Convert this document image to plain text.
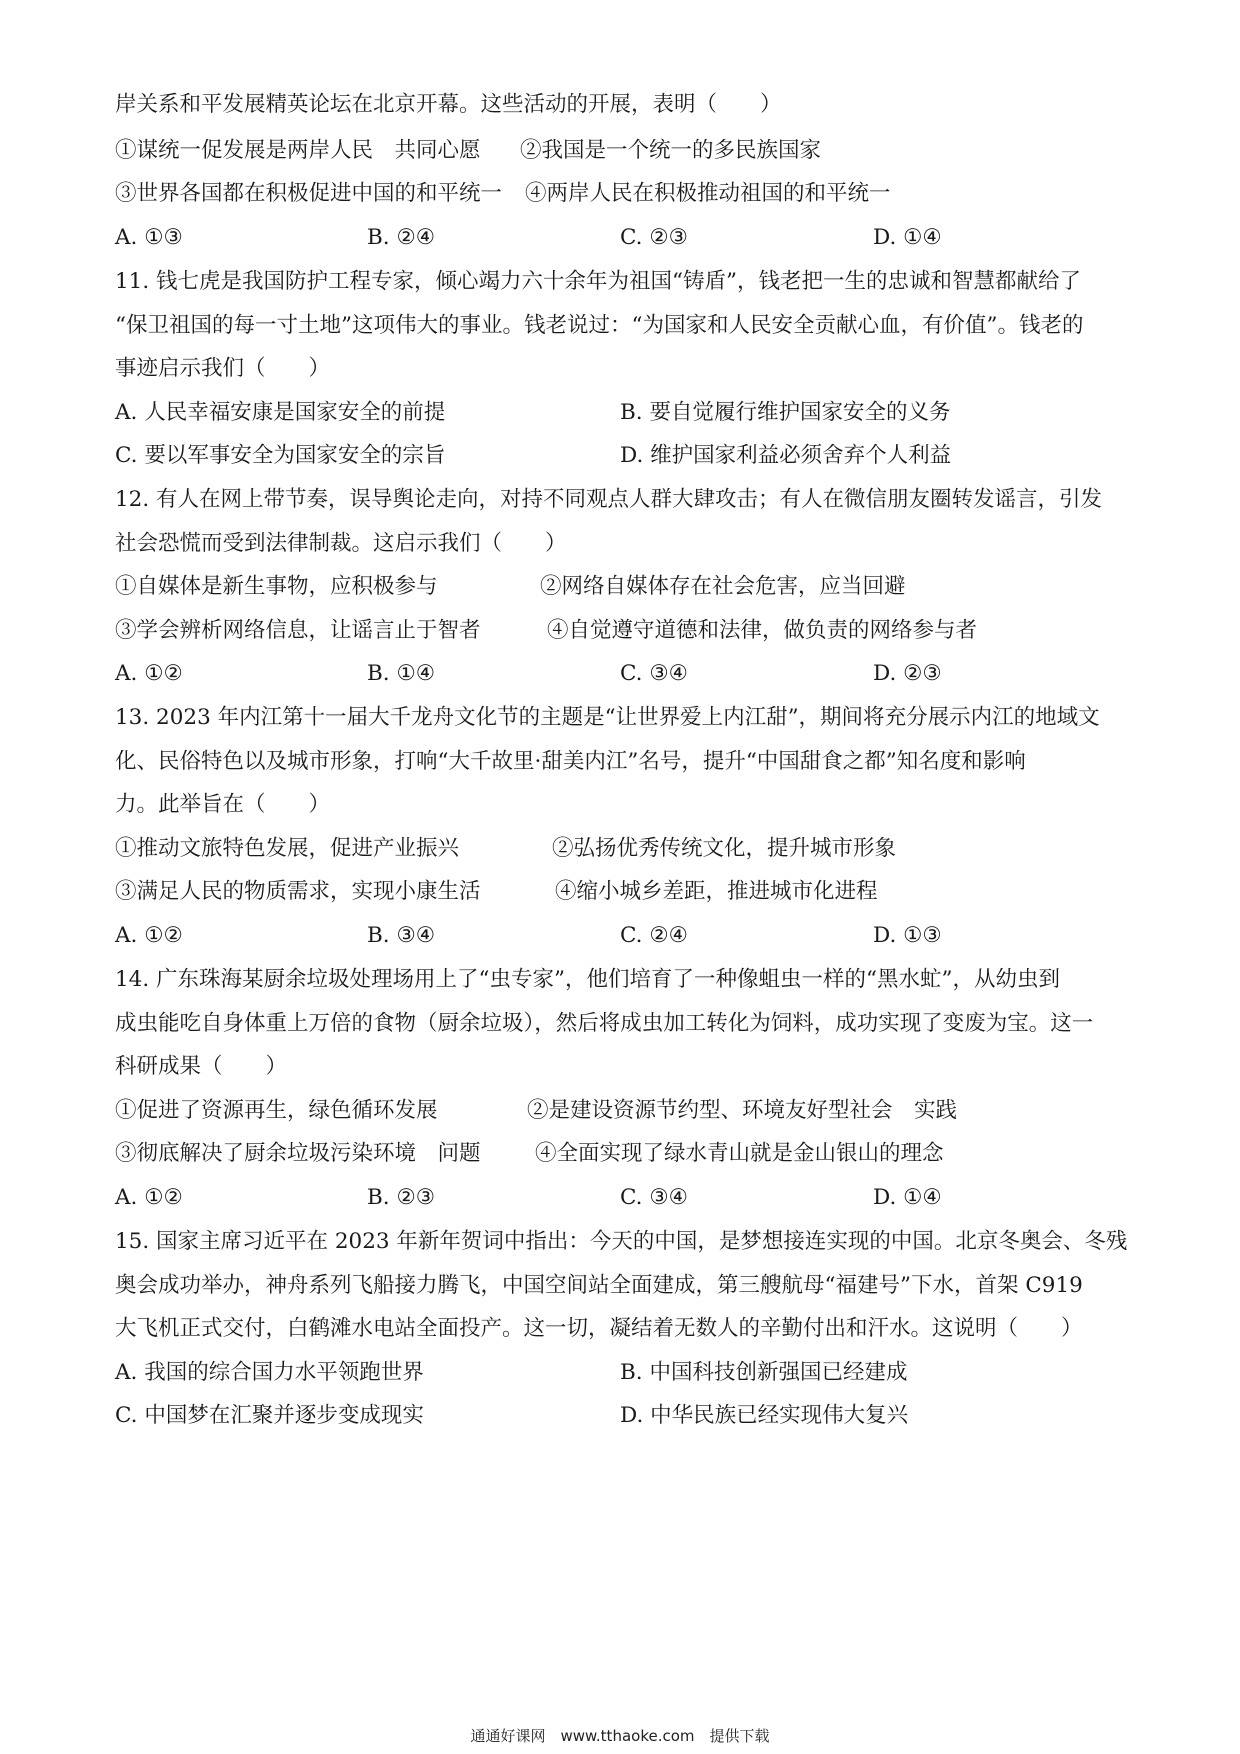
岸关系和平发展精英论坛在北京开幕。这些活动的开展，表明（　　）
①谋统一促发展是两岸人民　共同心愿 ②我国是一个统一的多民族国家
③世界各国都在积极促进中国的和平统一 ④两岸人民在积极推动祖国的和平统一
A. ①③	B. ②④	C. ②③	D. ①④
11. 钱七虎是我国防护工程专家，倾心竭力六十余年为祖国“铸盾”，钱老把一生的忠诚和智慧都献给了
“保卫祖国的每一寸土地”这项伟大的事业。钱老说过：“为国家和人民安全贡献心血，有价值”。钱老的
事迹启示我们（　　）
A. 人民幸福安康是国家安全的前提	B. 要自觉履行维护国家安全的义务
C. 要以军事安全为国家安全的宗旨	D. 维护国家利益必须舍弃个人利益
12. 有人在网上带节奏，误导舆论走向，对持不同观点人群大肆攻击；有人在微信朋友圈转发谣言，引发
社会恐慌而受到法律制裁。这启示我们（　　）
①自媒体是新生事物，应积极参与	②网络自媒体存在社会危害，应当回避
③学会辨析网络信息，让谣言止于智者	④自觉遵守道德和法律，做负责的网络参与者
A. ①②	B. ①④	C. ③④	D. ②③
13. 2023 年内江第十一届大千龙舟文化节的主题是“让世界爱上内江甜”，期间将充分展示内江的地域文
化、民俗特色以及城市形象，打响“大千故里·甜美内江”名号，提升“中国甜食之都”知名度和影响
力。此举旨在（　　）
①推动文旅特色发展，促进产业振兴	②弘扬优秀传统文化，提升城市形象
③满足人民的物质需求，实现小康生活	④缩小城乡差距，推进城市化进程
A. ①②	B. ③④	C. ②④	D. ①③
14. 广东珠海某厨余垃圾处理场用上了“虫专家”，他们培育了一种像蛆虫一样的“黑水虻”，从幼虫到
成虫能吃自身体重上万倍的食物（厨余垃圾），然后将成虫加工转化为饲料，成功实现了变废为宝。这一
科研成果（　　）
①促进了资源再生，绿色循环发展	②是建设资源节约型、环境友好型社会　实践
③彻底解决了厨余垃圾污染环境　问题	④全面实现了绿水青山就是金山银山的理念
A. ①②	B. ②③	C. ③④	D. ①④
15. 国家主席习近平在 2023 年新年贺词中指出：今天的中国，是梦想接连实现的中国。北京冬奥会、冬残
奥会成功举办，神舟系列飞船接力腾飞，中国空间站全面建成，第三艘航母“福建号”下水，首架 C919
大飞机正式交付，白鹤滩水电站全面投产。这一切，凝结着无数人的辛勤付出和汗水。这说明（　　）
A. 我国的综合国力水平领跑世界	B. 中国科技创新强国已经建成
C. 中国梦在汇聚并逐步变成现实	D. 中华民族已经实现伟大复兴
通通好课网　www.tthaoke.com　提供下载
